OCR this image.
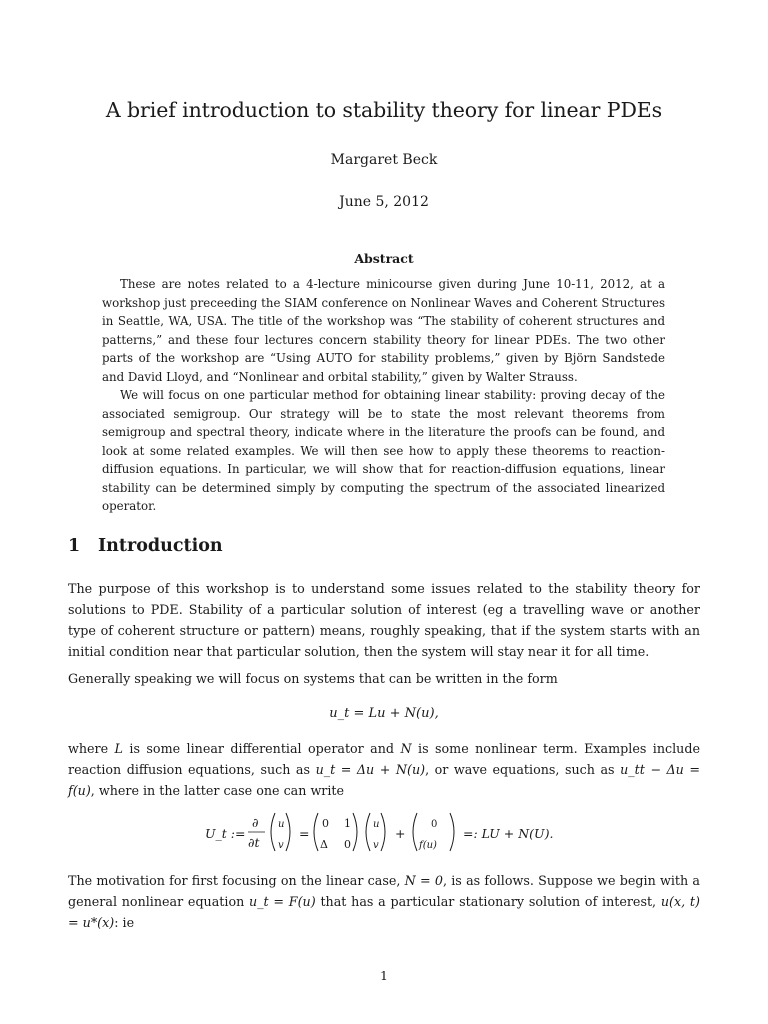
A brief introduction to stability theory for linear PDEs
Margaret Beck
June 5, 2012
Abstract

These are notes related to a 4-lecture minicourse given during June 10-11, 2012, at a workshop just preceeding the SIAM conference on Nonlinear Waves and Coherent Structures in Seattle, WA, USA. The title of the workshop was “The stability of coherent structures and patterns,” and these four lectures concern stability theory for linear PDEs. The two other parts of the workshop are “Using AUTO for stability problems,” given by Björn Sandstede and David Lloyd, and “Nonlinear and orbital stability,” given by Walter Strauss.

We will focus on one particular method for obtaining linear stability: proving decay of the associated semigroup. Our strategy will be to state the most relevant theorems from semigroup and spectral theory, indicate where in the literature the proofs can be found, and look at some related examples. We will then see how to apply these theorems to reaction-diffusion equations. In particular, we will show that for reaction-diffusion equations, linear stability can be determined simply by computing the spectrum of the associated linearized operator.

1 Introduction
The purpose of this workshop is to understand some issues related to the stability theory for solutions to PDE. Stability of a particular solution of interest (eg a travelling wave or another type of coherent structure or pattern) means, roughly speaking, that if the system starts with an initial condition near that particular solution, then the system will stay near it for all time.
Generally speaking we will focus on systems that can be written in the form
u_t = Lu + N(u),
where L is some linear differential operator and N is some nonlinear term. Examples include reaction diffusion equations, such as u_t = Δu + N(u), or wave equations, such as u_tt − Δu = f(u), where in the latter case one can write
U_t :=
∂
∂t
u
v
=
0 1
Δ 0
u
v
+
0
f(u)
=: LU + N(U).
The motivation for first focusing on the linear case, N = 0, is as follows. Suppose we begin with a general nonlinear equation u_t = F(u) that has a particular stationary solution of interest, u(x, t) = u*(x): ie
1
